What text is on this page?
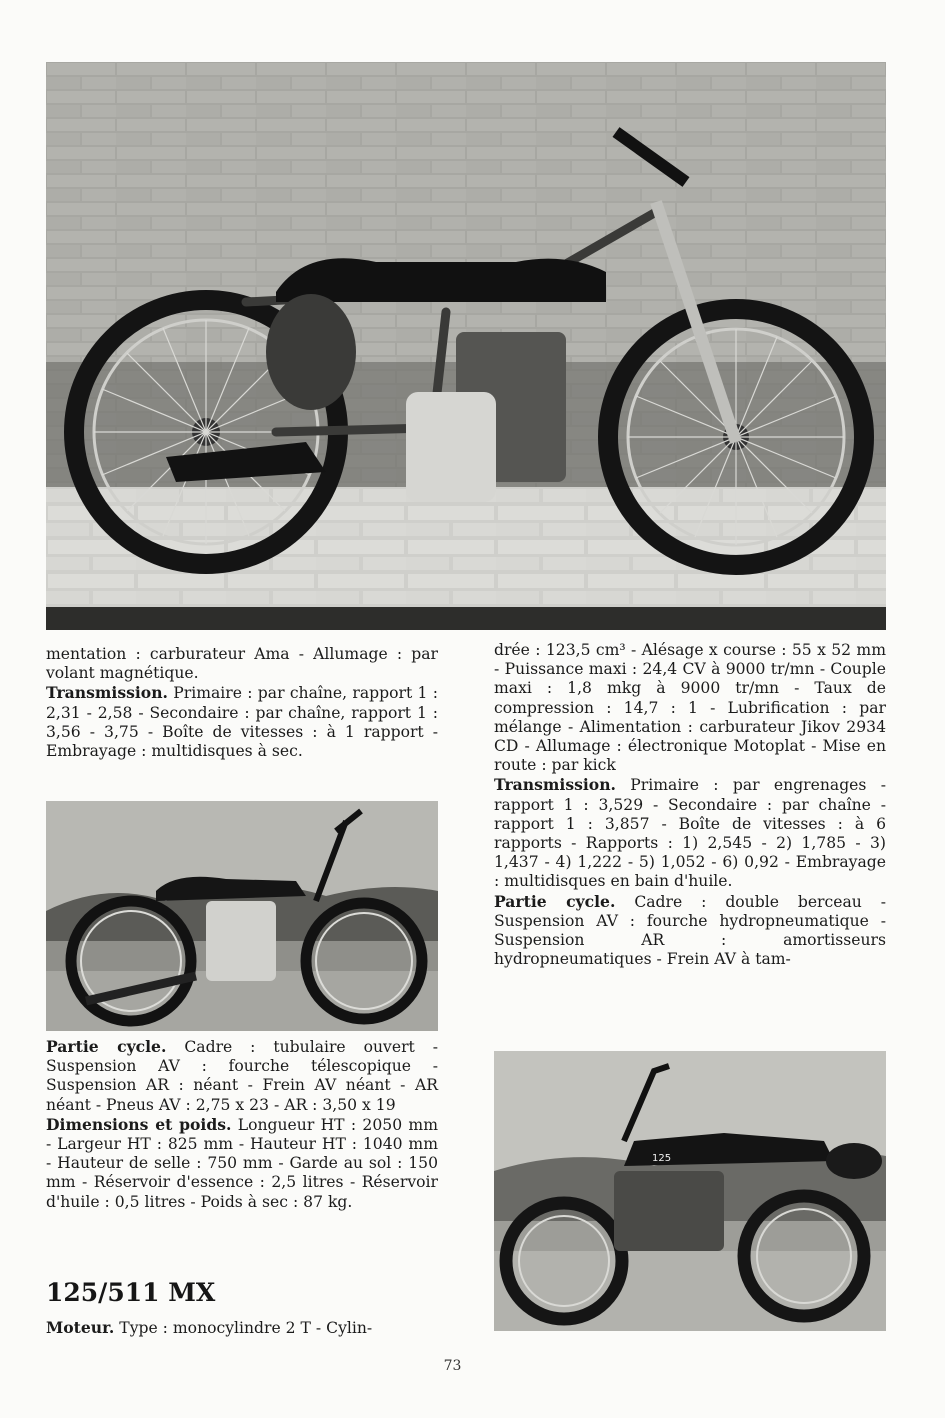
125

mentation : carburateur Ama - Allumage : par volant magnétique.

Transmission. Primaire : par chaîne, rapport 1 : 2,31 - 2,58 - Secondaire : par chaîne, rapport 1 : 3,56 - 3,75 - Boîte de vitesses : à 1 rapport - Embrayage : multidisques à sec.

Partie cycle. Cadre : tubulaire ouvert - Suspension AV : fourche télescopique - Suspension AR : néant - Frein AV néant - AR néant - Pneus AV : 2,75 x 23 - AR : 3,50 x 19

Dimensions et poids. Longueur HT : 2050 mm - Largeur HT : 825 mm - Hauteur HT : 1040 mm - Hauteur de selle : 750 mm - Garde au sol : 150 mm - Réservoir d'essence : 2,5 litres - Réservoir d'huile : 0,5 litres - Poids à sec : 87 kg.

125/511 MX

Moteur. Type : monocylindre 2 T - Cylin-

drée : 123,5 cm³ - Alésage x course : 55 x 52 mm - Puissance maxi : 24,4 CV à 9000 tr/mn - Couple maxi : 1,8 mkg à 9000 tr/mn - Taux de compression : 14,7 : 1 - Lubrification : par mélange - Alimentation : carburateur Jikov 2934 CD - Allumage : électronique Motoplat - Mise en route : par kick

Transmission. Primaire : par engrenages - rapport 1 : 3,529 - Secondaire : par chaîne - rapport 1 : 3,857 - Boîte de vitesses : à 6 rapports - Rapports : 1) 2,545 - 2) 1,785 - 3) 1,437 - 4) 1,222 - 5) 1,052 - 6) 0,92 - Embrayage : multidisques en bain d'huile.

Partie cycle. Cadre : double berceau - Suspension AV : fourche hydropneumatique - Suspension AR : amortisseurs hydropneumatiques - Frein AV à tam-

73
